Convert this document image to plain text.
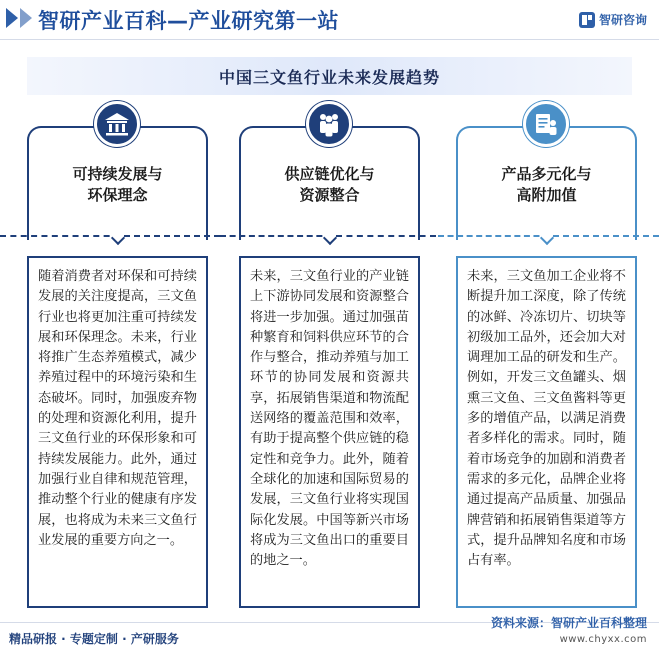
智研产业百科—产业研究第一站	智研咨询
中国三文鱼行业未来发展趋势
可持续发展与
环保理念
随着消费者对环保和可持续发展的关注度提高，三文鱼行业也将更加注重可持续发展和环保理念。未来，行业将推广生态养殖模式，减少养殖过程中的环境污染和生态破坏。同时，加强废弃物的处理和资源化利用，提升三文鱼行业的环保形象和可持续发展能力。此外，通过加强行业自律和规范管理，推动整个行业的健康有序发展，也将成为未来三文鱼行业发展的重要方向之一。
供应链优化与
资源整合
未来，三文鱼行业的产业链上下游协同发展和资源整合将进一步加强。通过加强苗种繁育和饲料供应环节的合作与整合，推动养殖与加工环节的协同发展和资源共享，拓展销售渠道和物流配送网络的覆盖范围和效率，有助于提高整个供应链的稳定性和竞争力。此外，随着全球化的加速和国际贸易的发展，三文鱼行业将实现国际化发展。中国等新兴市场将成为三文鱼出口的重要目的地之一。
产品多元化与
高附加值
未来，三文鱼加工企业将不断提升加工深度，除了传统的冰鲜、冷冻切片、切块等初级加工品外，还会加大对调理加工品的研发和生产。例如，开发三文鱼罐头、烟熏三文鱼、三文鱼酱料等更多的增值产品，以满足消费者多样化的需求。同时，随着市场竞争的加剧和消费者需求的多元化，品牌企业将通过提高产品质量、加强品牌营销和拓展销售渠道等方式，提升品牌知名度和市场占有率。
精品研报 · 专题定制 · 产研服务
资料来源：智研产业百科整理
www.chyxx.com
